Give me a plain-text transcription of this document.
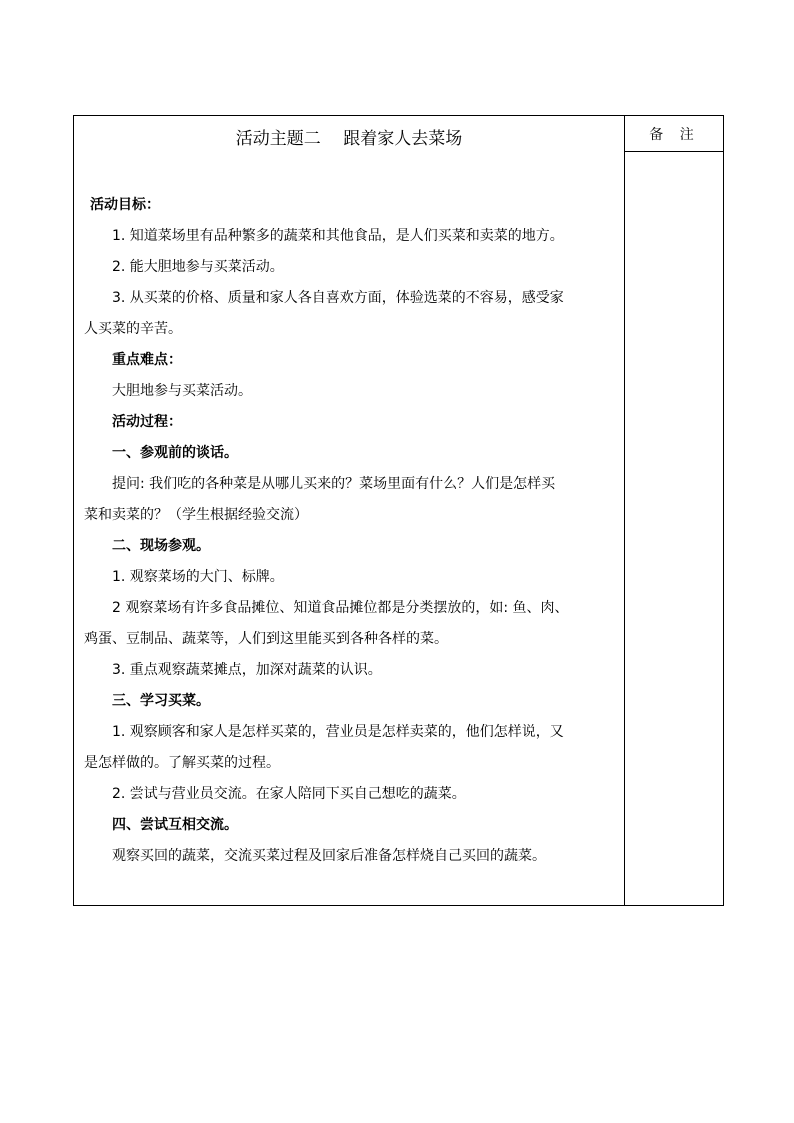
备 注
活动主题二　 跟着家人去菜场

活动目标：

1. 知道菜场里有品种繁多的蔬菜和其他食品，是人们买菜和卖菜的地方。

2. 能大胆地参与买菜活动。

3. 从买菜的价格、质量和家人各自喜欢方面，体验选菜的不容易，感受家

人买菜的辛苦。

重点难点：

大胆地参与买菜活动。

活动过程：

一、参观前的谈话。

提问: 我们吃的各种菜是从哪儿买来的？菜场里面有什么？人们是怎样买

菜和卖菜的？（学生根据经验交流）

二、现场参观。

1. 观察菜场的大门、标牌。

2 观察菜场有许多食品摊位、知道食品摊位都是分类摆放的，如: 鱼、肉、

鸡蛋、豆制品、蔬菜等，人们到这里能买到各种各样的菜。

3. 重点观察蔬菜摊点，加深对蔬菜的认识。

三、学习买菜。

1. 观察顾客和家人是怎样买菜的，营业员是怎样卖菜的，他们怎样说，又

是怎样做的。了解买菜的过程。

2. 尝试与营业员交流。在家人陪同下买自己想吃的蔬菜。

四、尝试互相交流。

观察买回的蔬菜，交流买菜过程及回家后准备怎样烧自己买回的蔬菜。
